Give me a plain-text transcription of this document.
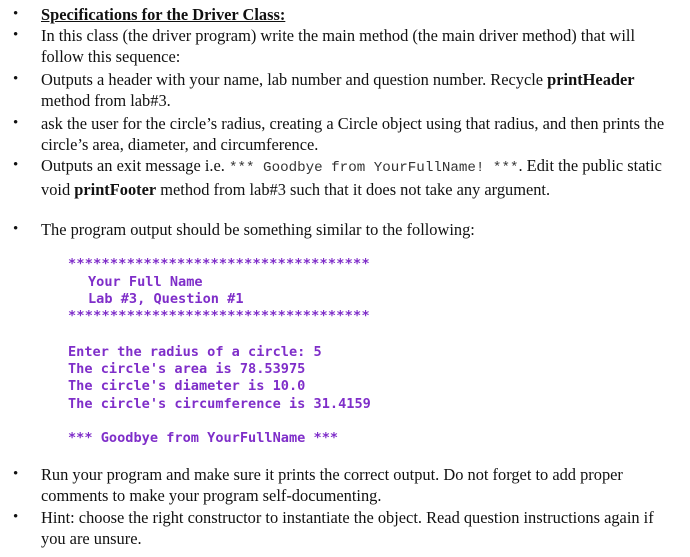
• Specifications for the Driver Class:
• In this class (the driver program) write the main method (the main driver method) that will follow this sequence:
• Outputs a header with your name, lab number and question number. Recycle printHeader method from lab#3.
• ask the user for the circle’s radius, creating a Circle object using that radius, and then prints the circle’s area, diameter, and circumference.
• Outputs an exit message i.e. *** Goodbye from YourFullName! ***. Edit the public static void printFooter method from lab#3 such that it does not take any argument.
• The program output should be something similar to the following:
************************************
Your Full Name
Lab #3, Question #1
************************************
Enter the radius of a circle: 5
The circle's area is 78.53975
The circle's diameter is 10.0
The circle's circumference is 31.4159
*** Goodbye from YourFullName ***
• Run your program and make sure it prints the correct output. Do not forget to add proper comments to make your program self-documenting.
• Hint: choose the right constructor to instantiate the object. Read question instructions again if you are unsure.
